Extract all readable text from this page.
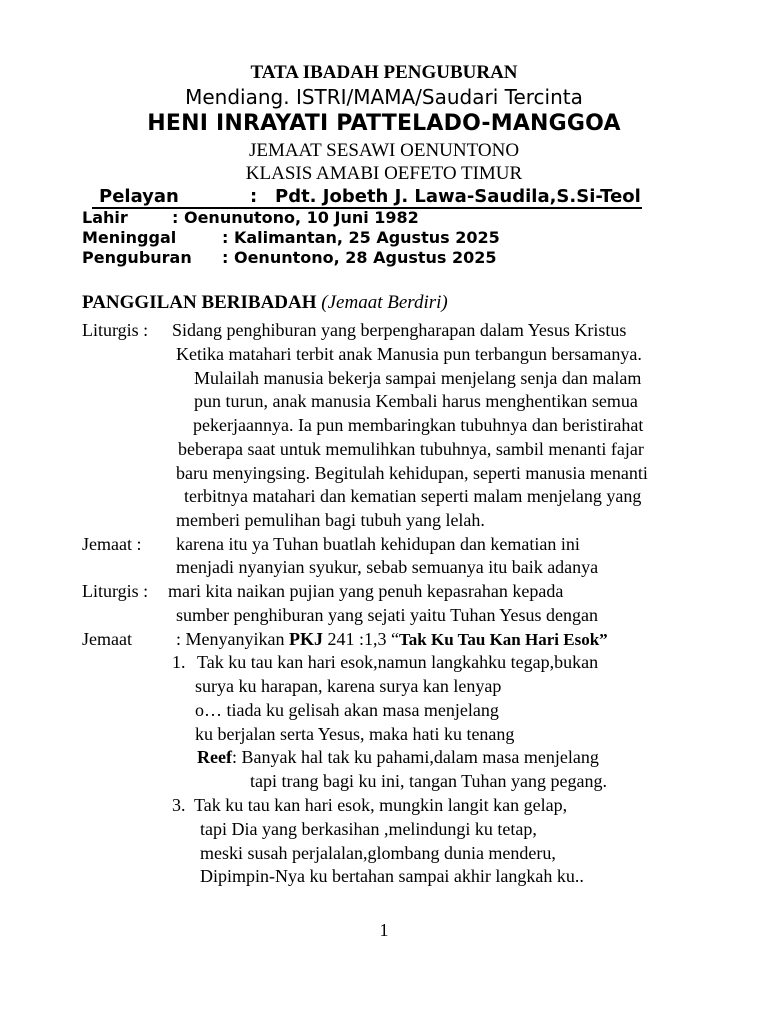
TATA IBADAH PENGUBURAN
Mendiang. ISTRI/MAMA/Saudari Tercinta
HENI INRAYATI PATTELADO-MANGGOA
JEMAAT SESAWI OENUNTONO
KLASIS AMABI OEFETO TIMUR
Pelayan	: Pdt. Jobeth J. Lawa-Saudila,S.Si-Teol
Lahir	: Oenunutono, 10 Juni 1982
Meninggal	: Kalimantan, 25 Agustus 2025
Penguburan : Oenuntono, 28 Agustus 2025
PANGGILAN BERIBADAH (Jemaat Berdiri)
Liturgis : Sidang penghiburan yang berpengharapan dalam Yesus Kristus
Ketika matahari terbit anak Manusia pun terbangun bersamanya.
Mulailah manusia bekerja sampai menjelang senja dan malam
pun turun, anak manusia Kembali harus menghentikan semua
pekerjaannya. Ia pun membaringkan tubuhnya dan beristirahat
beberapa saat untuk memulihkan tubuhnya, sambil menanti fajar
baru menyingsing. Begitulah kehidupan, seperti manusia menanti
terbitnya matahari dan kematian seperti malam menjelang yang
memberi pemulihan bagi tubuh yang lelah.
Jemaat : karena itu ya Tuhan buatlah kehidupan dan kematian ini
menjadi nyanyian syukur, sebab semuanya itu baik adanya
Liturgis : mari kita naikan pujian yang penuh kepasrahan kepada
sumber penghiburan yang sejati yaitu Tuhan Yesus dengan
Jemaat : Menyanyikan PKJ 241 :1,3 “Tak Ku Tau Kan Hari Esok”
1. Tak ku tau kan hari esok,namun langkahku tegap,bukan
surya ku harapan, karena surya kan lenyap
o… tiada ku gelisah akan masa menjelang
ku berjalan serta Yesus, maka hati ku tenang
Reef: Banyak hal tak ku pahami,dalam masa menjelang
tapi trang bagi ku ini, tangan Tuhan yang pegang.
3. Tak ku tau kan hari esok, mungkin langit kan gelap,
tapi Dia yang berkasihan ,melindungi ku tetap,
meski susah perjalalan,glombang dunia menderu,
Dipimpin-Nya ku bertahan sampai akhir langkah ku..
1
